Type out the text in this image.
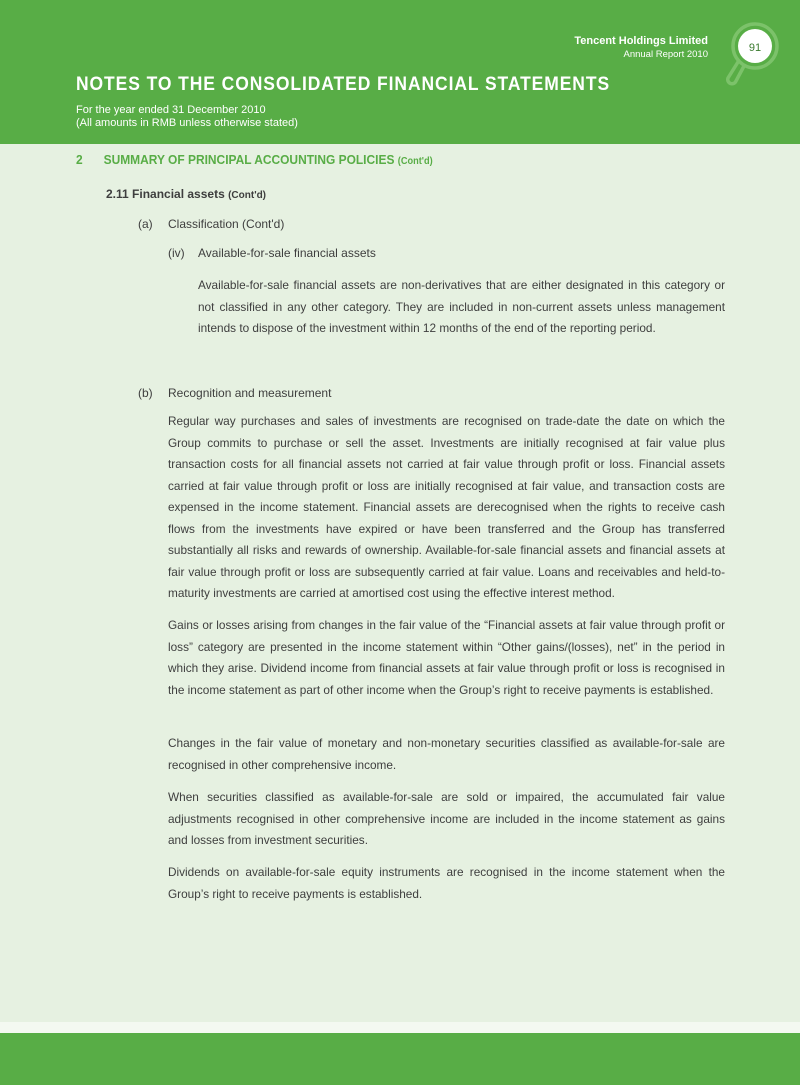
Tencent Holdings Limited
Annual Report 2010
91
NOTES TO THE CONSOLIDATED FINANCIAL STATEMENTS
For the year ended 31 December 2010
(All amounts in RMB unless otherwise stated)
2 SUMMARY OF PRINCIPAL ACCOUNTING POLICIES (Cont'd)
2.11 Financial assets (Cont'd)
(a) Classification (Cont'd)
(iv) Available-for-sale financial assets

Available-for-sale financial assets are non-derivatives that are either designated in this category or not classified in any other category. They are included in non-current assets unless management intends to dispose of the investment within 12 months of the end of the reporting period.

(b) Recognition and measurement

Regular way purchases and sales of investments are recognised on trade-date the date on which the Group commits to purchase or sell the asset. Investments are initially recognised at fair value plus transaction costs for all financial assets not carried at fair value through profit or loss. Financial assets carried at fair value through profit or loss are initially recognised at fair value, and transaction costs are expensed in the income statement. Financial assets are derecognised when the rights to receive cash flows from the investments have expired or have been transferred and the Group has transferred substantially all risks and rewards of ownership. Available-for-sale financial assets and financial assets at fair value through profit or loss are subsequently carried at fair value. Loans and receivables and held-to-maturity investments are carried at amortised cost using the effective interest method.

Gains or losses arising from changes in the fair value of the “Financial assets at fair value through profit or loss” category are presented in the income statement within “Other gains/(losses), net” in the period in which they arise. Dividend income from financial assets at fair value through profit or loss is recognised in the income statement as part of other income when the Group’s right to receive payments is established.

Changes in the fair value of monetary and non-monetary securities classified as available-for-sale are recognised in other comprehensive income.

When securities classified as available-for-sale are sold or impaired, the accumulated fair value adjustments recognised in other comprehensive income are included in the income statement as gains and losses from investment securities.

Dividends on available-for-sale equity instruments are recognised in the income statement when the Group’s right to receive payments is established.
